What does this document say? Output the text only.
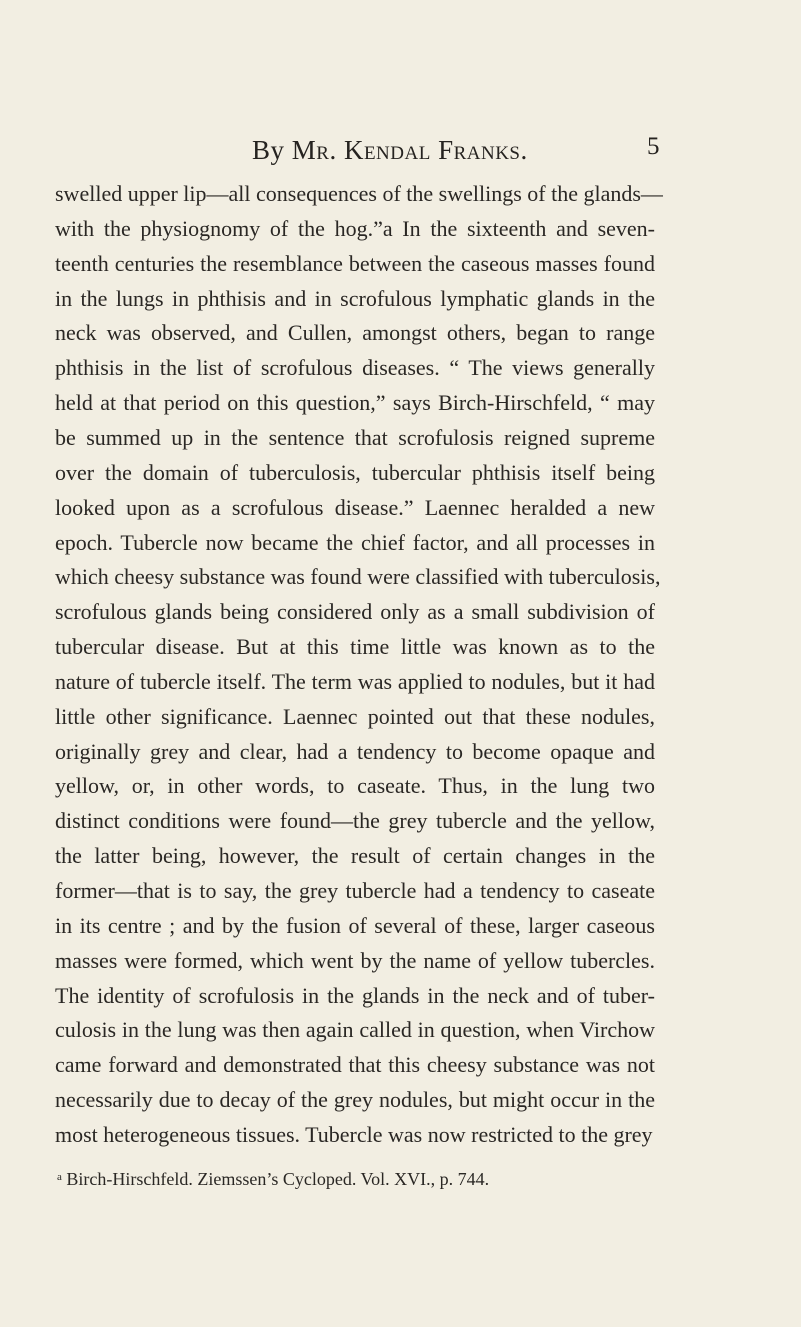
By Mr. Kendal Franks.	5
swelled upper lip—all consequences of the swellings of the glands—
with the physiognomy of the hog.”a In the sixteenth and seven-
teenth centuries the resemblance between the caseous masses found
in the lungs in phthisis and in scrofulous lymphatic glands in the
neck was observed, and Cullen, amongst others, began to range
phthisis in the list of scrofulous diseases. “ The views generally
held at that period on this question,” says Birch-Hirschfeld, “ may
be summed up in the sentence that scrofulosis reigned supreme
over the domain of tuberculosis, tubercular phthisis itself being
looked upon as a scrofulous disease.” Laennec heralded a new
epoch. Tubercle now became the chief factor, and all processes in
which cheesy substance was found were classified with tuberculosis,
scrofulous glands being considered only as a small subdivision of
tubercular disease. But at this time little was known as to the
nature of tubercle itself. The term was applied to nodules, but it had
little other significance. Laennec pointed out that these nodules,
originally grey and clear, had a tendency to become opaque and
yellow, or, in other words, to caseate. Thus, in the lung two
distinct conditions were found—the grey tubercle and the yellow,
the latter being, however, the result of certain changes in the
former—that is to say, the grey tubercle had a tendency to caseate
in its centre ; and by the fusion of several of these, larger caseous
masses were formed, which went by the name of yellow tubercles.
The identity of scrofulosis in the glands in the neck and of tuber-
culosis in the lung was then again called in question, when Virchow
came forward and demonstrated that this cheesy substance was not
necessarily due to decay of the grey nodules, but might occur in the
most heterogeneous tissues. Tubercle was now restricted to the grey
$^a$ Birch-Hirschfeld. Ziemssen’s Cycloped. Vol. XVI., p. 744.
